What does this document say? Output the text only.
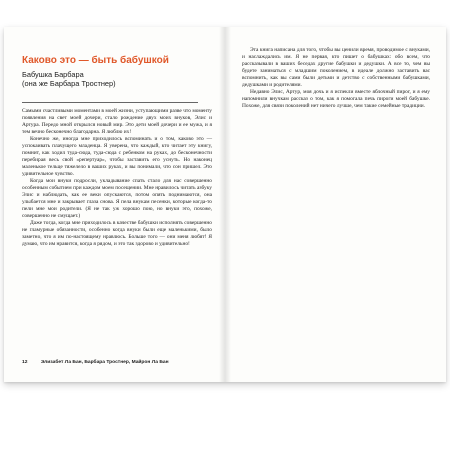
Каково это — быть бабушкой

Бабушка Барбара

(она же Барбара Тростнер)

Самыми счастливыми моментами в моей жизни, уступающими разве что моменту появления на свет моей дочери, стало рождение двух моих внуков, Элис и Артура. Передо мной открылся новый мир. Это дети моей дочери и ее мужа, и я тем вечно бесконечно благодарна. Я люблю их!

Конечно же, иногда мне приходилось вспоминать и о том, каково это — успокаивать плачущего младенца. Я уверена, что каждый, кто читает эту книгу, помнит, как ходил туда-сюда, туда-сюда с ребенком на руках, до бесконечности перебирая весь свой «репертуар», чтобы заставить его уснуть. Но наконец маленькое тельце тяжелело в ваших руках, и вы понимали, что сон пришел. Это удивительное чувство.

Когда мои внуки подросли, укладывание спать стало для нас совершенно особенным событием при каждом моем посещении. Мне нравилось читать азбуку Элис и наблюдать, как ее веки опускаются, потом опять поднимаются, она улыбается мне и закрывает глаза снова. Я пела внукам песенки, которые когда-то пели мне мои родители. (Я не так уж хорошо пою, но внуки это, похоже, совершенно не смущает.)

Даже тогда, когда мне приходилось в качестве бабушки исполнять совершенно не гламурные обязанности, особенно когда внуки были еще маленькими, было заметно, что я им по-настоящему нравлюсь. Больше того — они меня любят! Я думаю, что им нравится, когда я рядом, и это так здорово и удивительно!

Эта книга написана для того, чтобы вы ценили время, проводимое с внуками, и наслаждались им. Я не первая, кто пишет о бабушках: обо всем, что рассказывали в ваших беседах другие бабушки и дедушки. А все то, чем вы будете заниматься с младшим поколением, в идеале должно заставить вас вспомнить, как вы сами были детьми и детство с собственными бабушками, дедушками и родителями.

Недавно Элис, Артур, моя дочь и я испекли вместе яблочный пирог, и я ему напомнили внучкам рассказ о том, как я помогала печь пироги моей бабушке. Похоже, для связи поколений нет ничего лучше, чем такие семейные традиции.

12	Элизабет Ла Бан, Барбара Тростнер, Майрон Ла Бан
